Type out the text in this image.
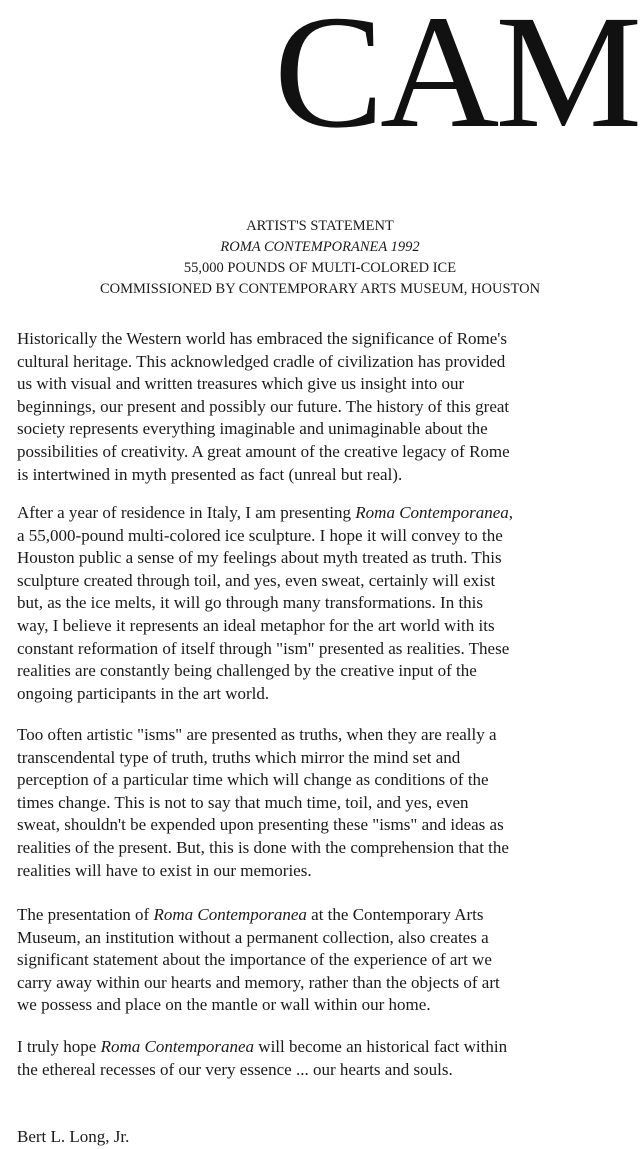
CAM
ARTIST'S STATEMENT
ROMA CONTEMPORANEA 1992
55,000 POUNDS OF MULTI-COLORED ICE
COMMISSIONED BY CONTEMPORARY ARTS MUSEUM, HOUSTON

Historically the Western world has embraced the significance of Rome's
cultural heritage. This acknowledged cradle of civilization has provided
us with visual and written treasures which give us insight into our
beginnings, our present and possibly our future. The history of this great
society represents everything imaginable and unimaginable about the
possibilities of creativity. A great amount of the creative legacy of Rome
is intertwined in myth presented as fact (unreal but real).

After a year of residence in Italy, I am presenting Roma Contemporanea,
a 55,000-pound multi-colored ice sculpture. I hope it will convey to the
Houston public a sense of my feelings about myth treated as truth. This
sculpture created through toil, and yes, even sweat, certainly will exist
but, as the ice melts, it will go through many transformations. In this
way, I believe it represents an ideal metaphor for the art world with its
constant reformation of itself through "ism" presented as realities. These
realities are constantly being challenged by the creative input of the
ongoing participants in the art world.

Too often artistic "isms" are presented as truths, when they are really a
transcendental type of truth, truths which mirror the mind set and
perception of a particular time which will change as conditions of the
times change. This is not to say that much time, toil, and yes, even
sweat, shouldn't be expended upon presenting these "isms" and ideas as
realities of the present. But, this is done with the comprehension that the
realities will have to exist in our memories.

The presentation of Roma Contemporanea at the Contemporary Arts
Museum, an institution without a permanent collection, also creates a
significant statement about the importance of the experience of art we
carry away within our hearts and memory, rather than the objects of art
we possess and place on the mantle or wall within our home.

I truly hope Roma Contemporanea will become an historical fact within
the ethereal recesses of our very essence ... our hearts and souls.

Bert L. Long, Jr.
